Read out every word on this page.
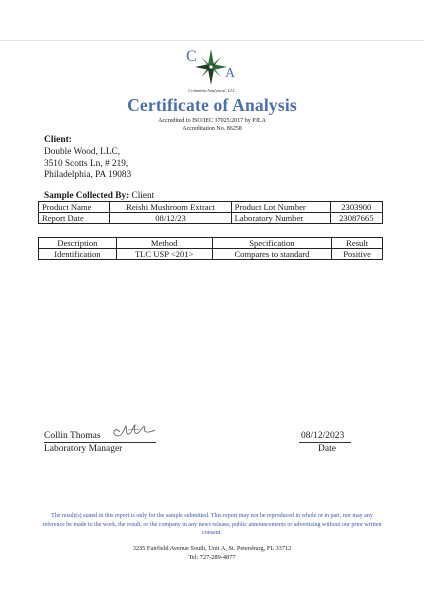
C
A
Columbia Analytical, LLC
Certificate of Analysis
Accredited to ISO/IEC 17025:2017 by PJLA
Accreditation No. 86258
Client:
Double Wood, LLC,
3510 Scotts Ln, # 219,
Philadelphia, PA 19083
Sample Collected By: Client
Product Name	Reishi Mushroom Extract	Product Lot Number	2303900
Report Date	08/12/23	Laboratory Number	23087665
Description	Method	Specification	Result
Identification	TLC USP <201>	Compares to standard	Positive
Collin Thomas
Laboratory Manager
08/12/2023
Date
The result(s) stated in this report is only for the sample submitted. This report may not be reproduced in whole or in part, nor may any reference be made to the work, the result, or the company in any news release, public announcements or advertising without our prior written consent.
3235 Fairfield Avenue South, Unit A, St. Petersburg, FL 33712
Tel: 727-289-4877
